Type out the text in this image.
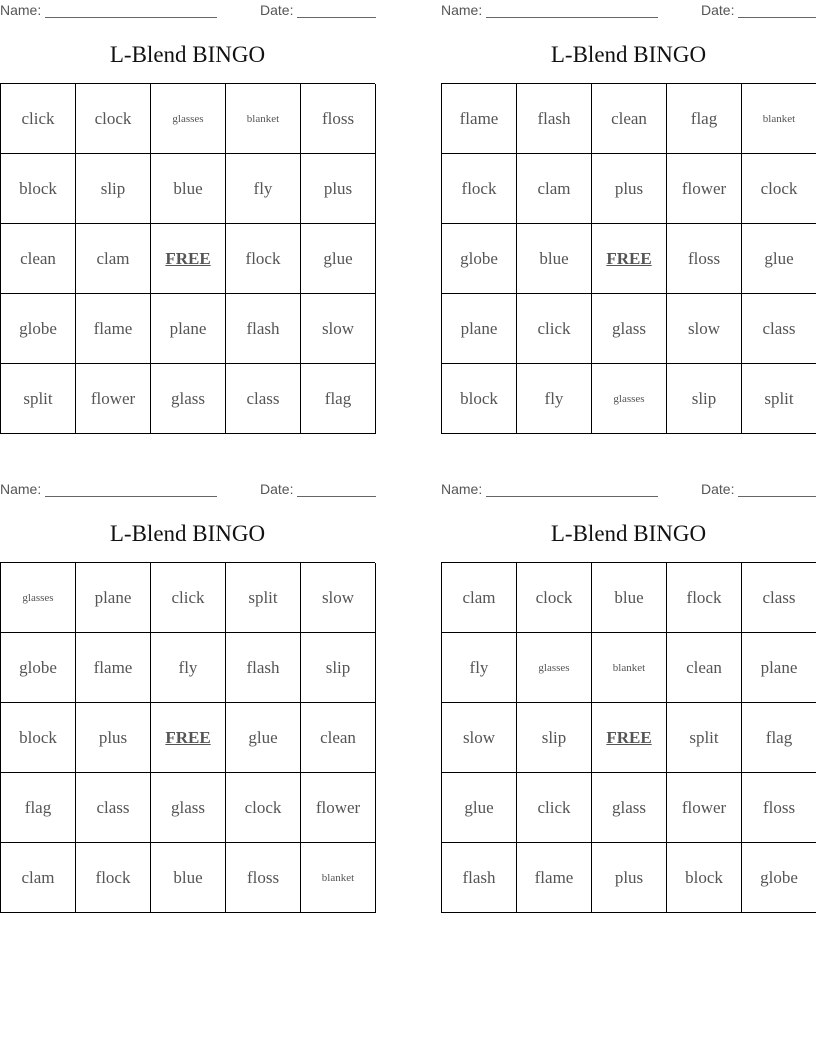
Name:	Date:
L-Blend BINGO
click	clock	glasses	blanket	floss
block	slip	blue	fly	plus
clean	clam	FREE	flock	glue
globe	flame	plane	flash	slow
split	flower	glass	class	flag
Name:	Date:
L-Blend BINGO
flame	flash	clean	flag	blanket
flock	clam	plus	flower	clock
globe	blue	FREE	floss	glue
plane	click	glass	slow	class
block	fly	glasses	slip	split
Name:	Date:
L-Blend BINGO
glasses	plane	click	split	slow
globe	flame	fly	flash	slip
block	plus	FREE	glue	clean
flag	class	glass	clock	flower
clam	flock	blue	floss	blanket
Name:	Date:
L-Blend BINGO
clam	clock	blue	flock	class
fly	glasses	blanket	clean	plane
slow	slip	FREE	split	flag
glue	click	glass	flower	floss
flash	flame	plus	block	globe
